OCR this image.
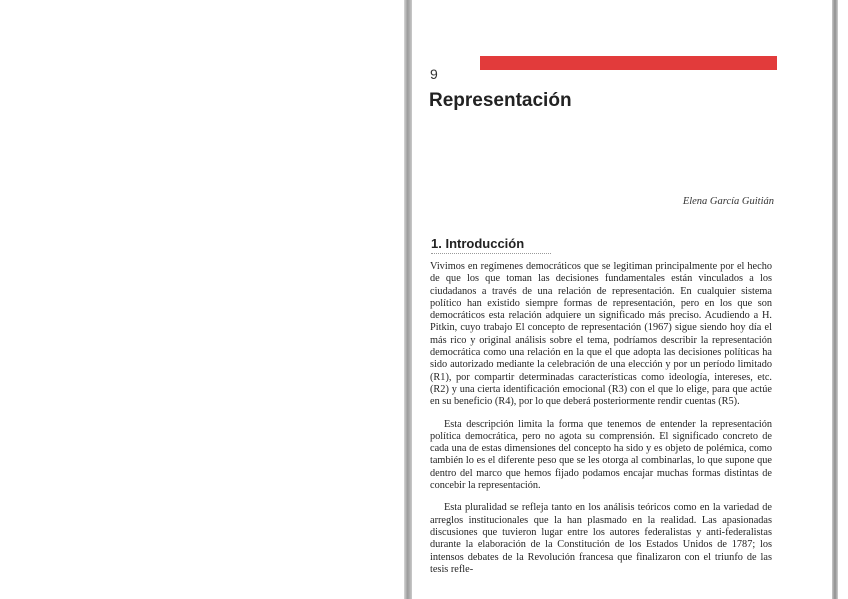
9
Representación
Elena García Guitián
1. Introducción

Vivimos en regímenes democráticos que se legitiman principalmente por el hecho de que los que toman las decisiones fundamentales están vinculados a los ciudadanos a través de una relación de representación. En cualquier sistema político han existido siempre formas de representación, pero en los que son democráticos esta relación adquiere un significado más preciso. Acudiendo a H. Pitkin, cuyo trabajo El concepto de representación (1967) sigue siendo hoy día el más rico y original análisis sobre el tema, podríamos describir la representación democrática como una relación en la que el que adopta las decisiones políticas ha sido autorizado mediante la celebración de una elección y por un período limitado (R1), por compartir determinadas características como ideología, intereses, etc. (R2) y una cierta identificación emocional (R3) con el que lo elige, para que actúe en su beneficio (R4), por lo que deberá posteriormente rendir cuentas (R5).

Esta descripción limita la forma que tenemos de entender la representación política democrática, pero no agota su comprensión. El significado concreto de cada una de estas dimensiones del concepto ha sido y es objeto de polémica, como también lo es el diferente peso que se les otorga al combinarlas, lo que supone que dentro del marco que hemos fijado podamos encajar muchas formas distintas de concebir la representación.

Esta pluralidad se refleja tanto en los análisis teóricos como en la variedad de arreglos institucionales que la han plasmado en la realidad. Las apasionadas discusiones que tuvieron lugar entre los autores federalistas y anti-federalistas durante la elaboración de la Constitución de los Estados Unidos de 1787; los intensos debates de la Revolución francesa que finalizaron con el triunfo de las tesis refle-
